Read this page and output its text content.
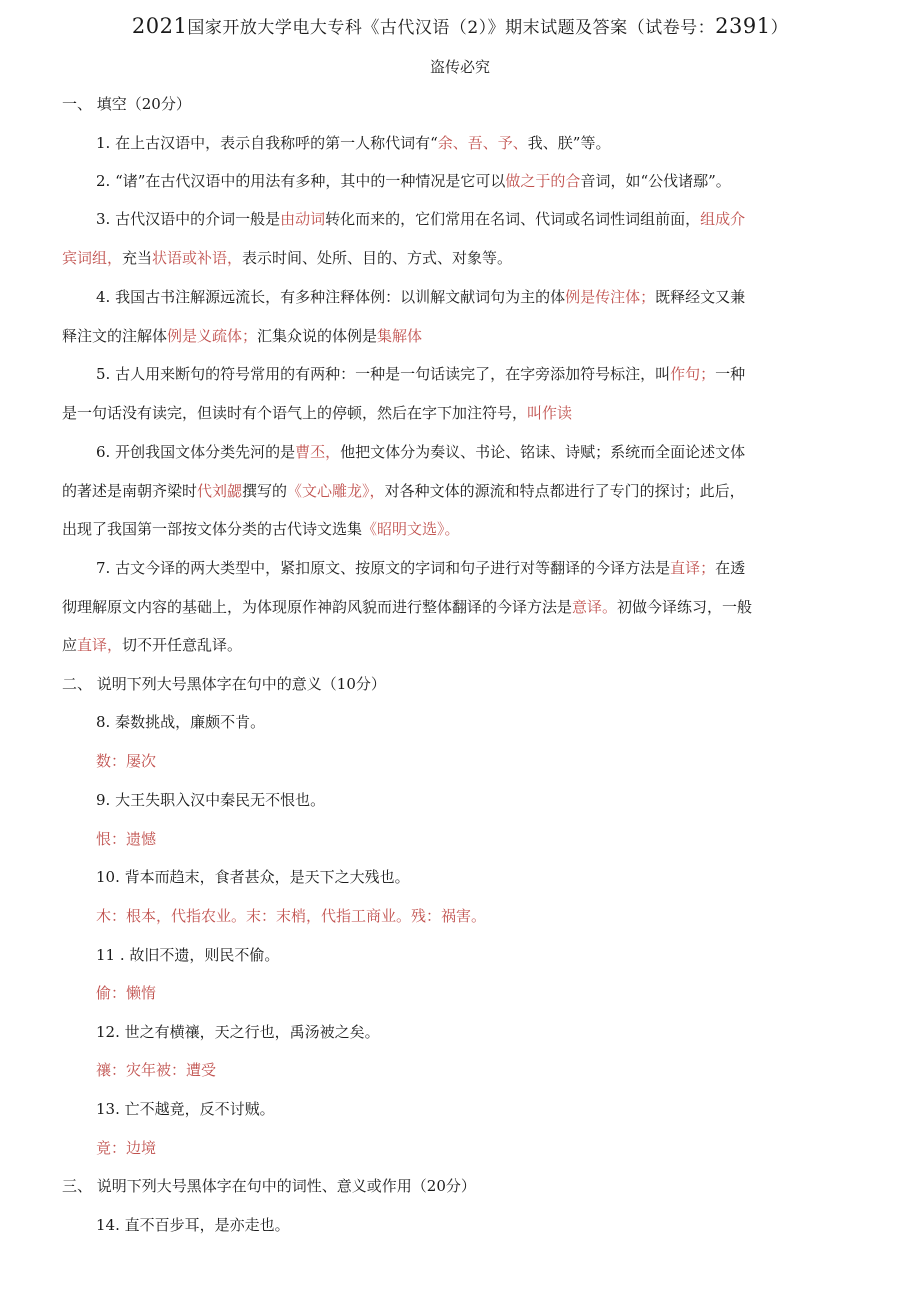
2021国家开放大学电大专科《古代汉语（2）》期末试题及答案（试卷号：2391）
盗传必究
一、 填空（20分）
1. 在上古汉语中，表示自我称呼的第一人称代词有“余、吾、予、我、朕”等。
2. “诸”在古代汉语中的用法有多种，其中的一种情况是它可以做之于的合音词，如“公伐诸鄢”。
3. 古代汉语中的介词一般是由动词转化而来的，它们常用在名词、代词或名词性词组前面，组成介
宾词组，充当状语或补语，表示时间、处所、目的、方式、对象等。
4. 我国古书注解源远流长，有多种注释体例：以训解文献词句为主的体例是传注体；既释经文又兼
释注文的注解体例是义疏体；汇集众说的体例是集解体
5. 古人用来断句的符号常用的有两种：一种是一句话读完了，在字旁添加符号标注，叫作句；一种
是一句话没有读完，但读时有个语气上的停顿，然后在字下加注符号，叫作读
6. 开创我国文体分类先河的是曹丕，他把文体分为奏议、书论、铭诔、诗赋；系统而全面论述文体
的著述是南朝齐梁时代刘勰撰写的《文心雕龙》，对各种文体的源流和特点都进行了专门的探讨；此后，
出现了我国第一部按文体分类的古代诗文选集《昭明文选》。
7. 古文今译的两大类型中，紧扣原文、按原文的字词和句子进行对等翻译的今译方法是直译；在透
彻理解原文内容的基础上，为体现原作神韵风貌而进行整体翻译的今译方法是意译。初做今译练习，一般
应直译，切不开任意乱译。
二、 说明下列大号黑体字在句中的意义（10分）
8. 秦数挑战，廉颇不肯。
数：屡次
9. 大王失职入汉中秦民无不恨也。
恨：遗憾
10. 背本而趋末，食者甚众，是天下之大残也。
木：根本，代指农业。末：末梢，代指工商业。残：祸害。
11 . 故旧不遗，则民不偷。
偷：懒惰
12. 世之有横禳，天之行也，禹汤被之矣。
禳：灾年被：遭受
13. 亡不越竟，反不讨贼。
竟：边境
三、 说明下列大号黑体字在句中的词性、意义或作用（20分）
14. 直不百步耳，是亦走也。
